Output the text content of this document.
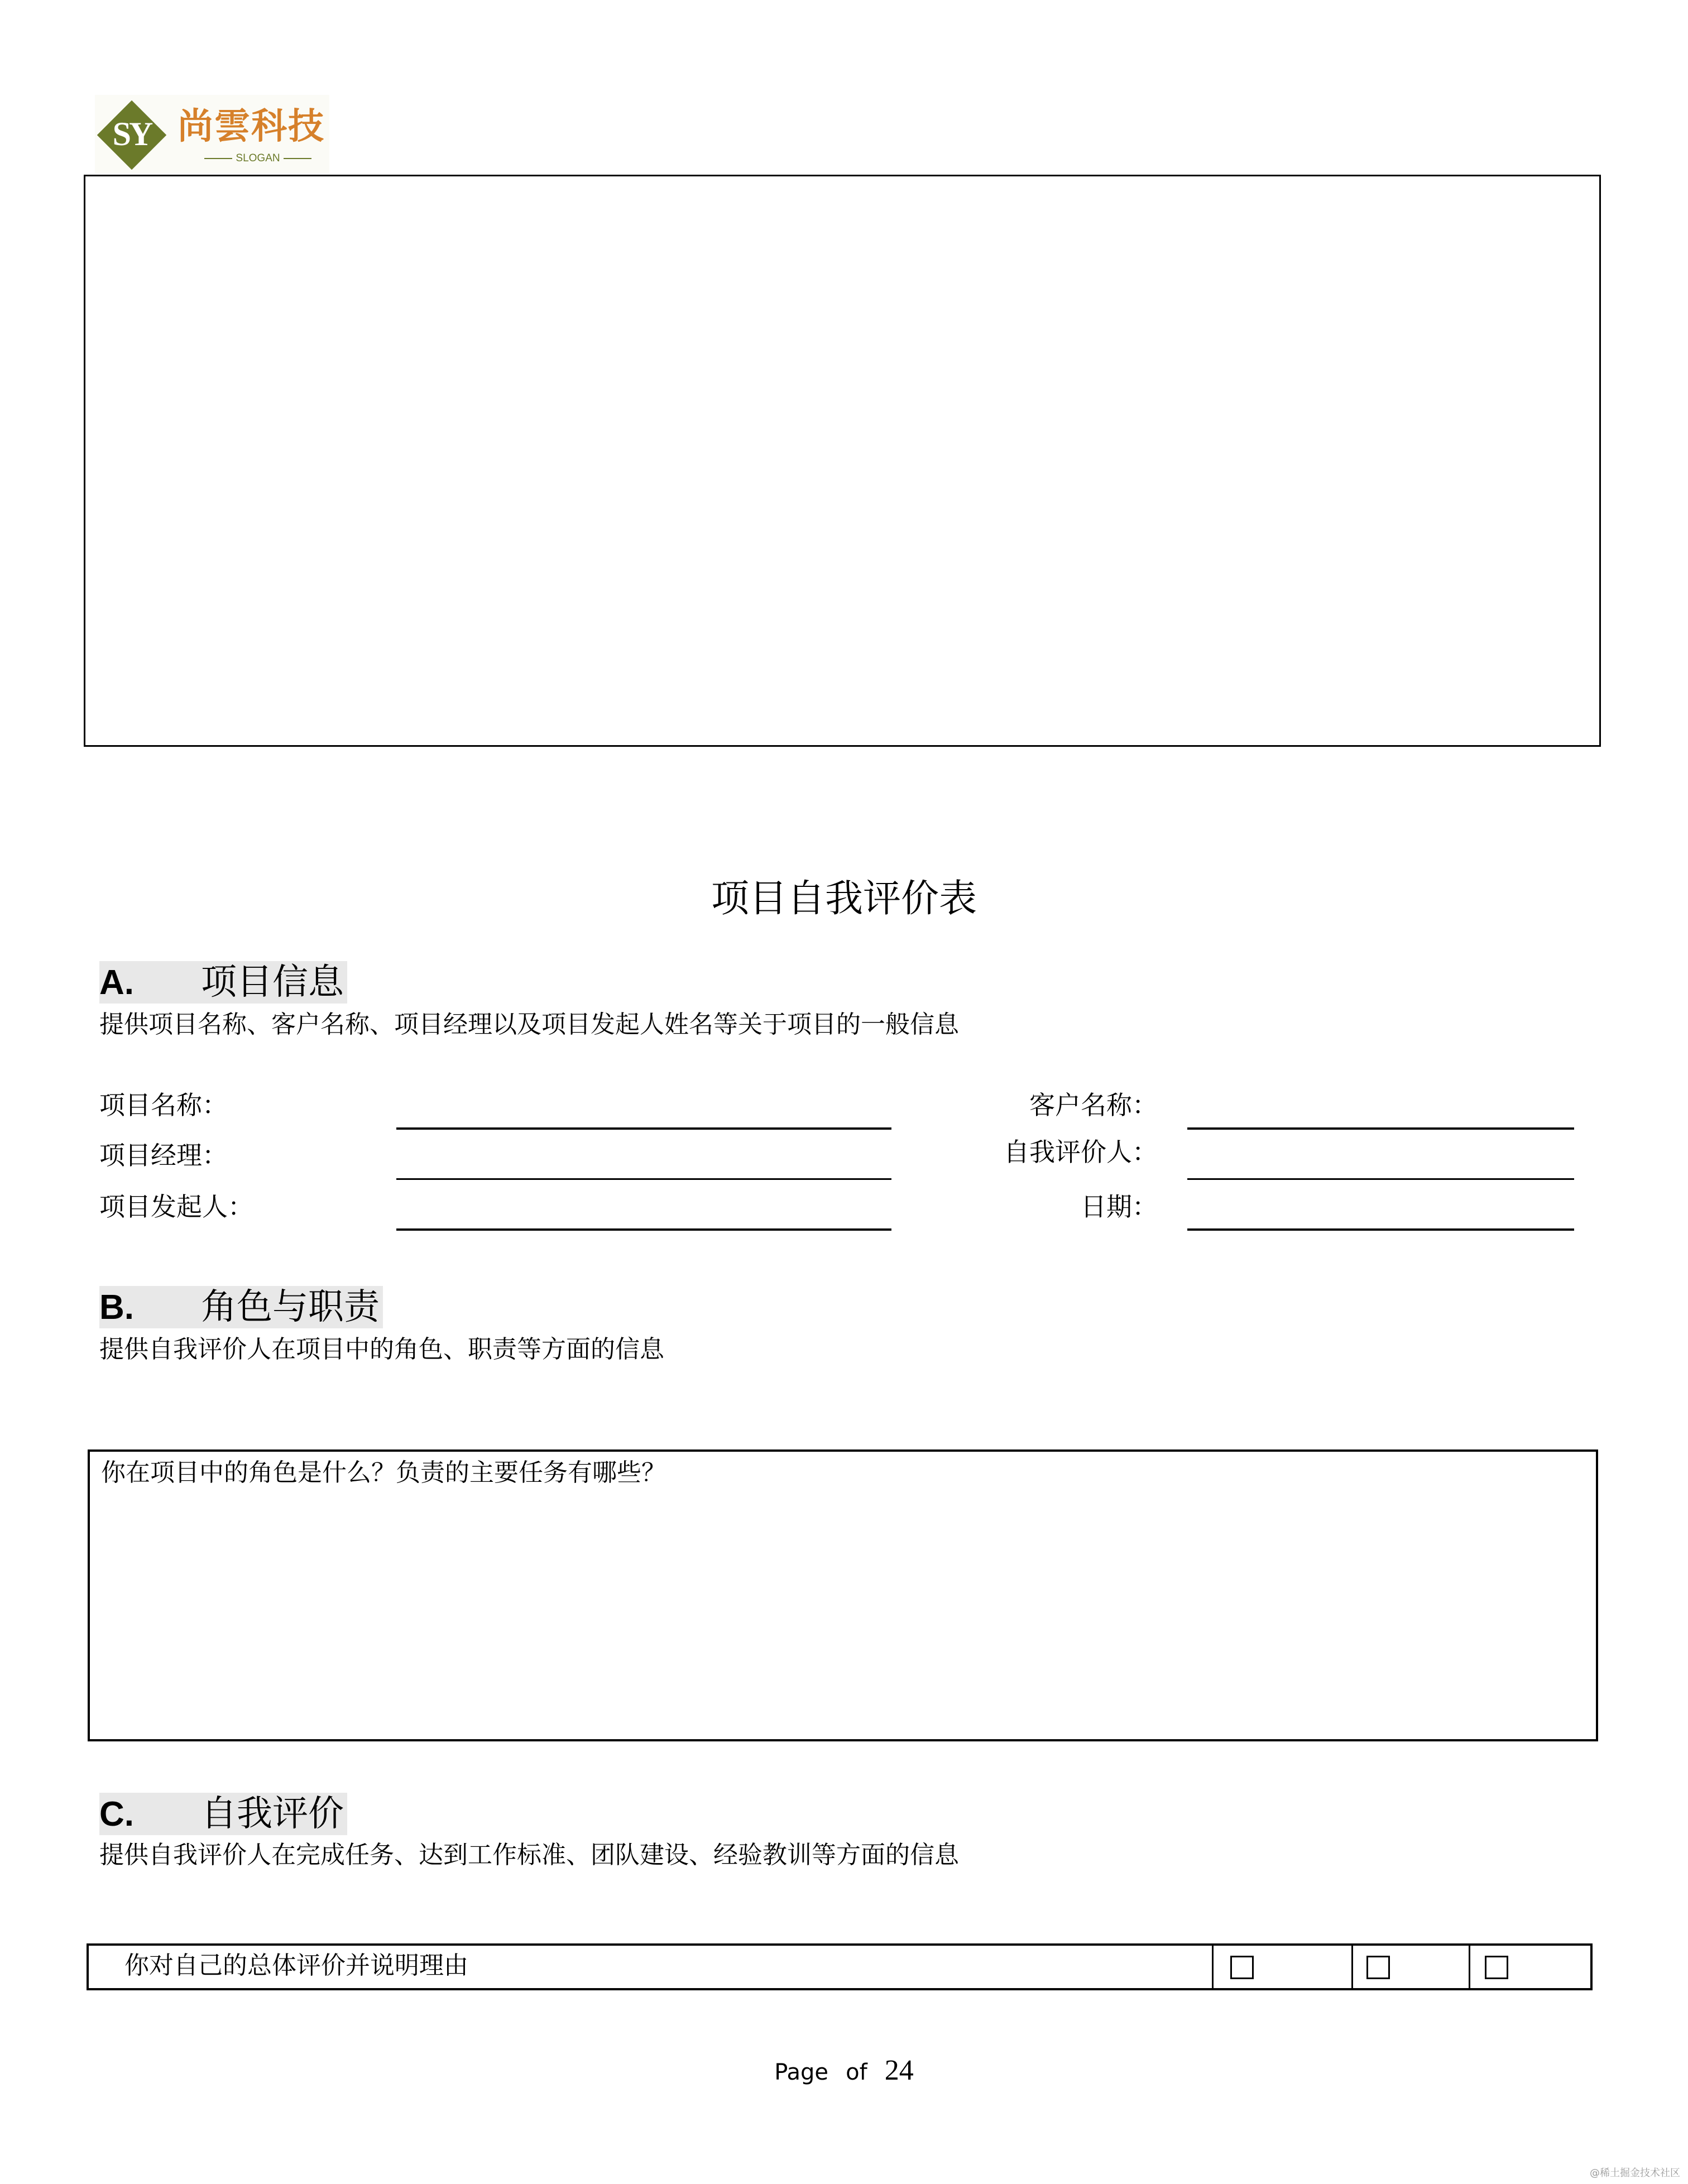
SY 尚雲科技
SLOGAN
项目自我评价表
A.	项目信息
提供项目名称、客户名称、项目经理以及项目发起人姓名等关于项目的一般信息
项目名称：
项目经理：
项目发起人：
客户名称：
自我评价人：
日期：
B.	角色与职责
提供自我评价人在项目中的角色、职责等方面的信息
你在项目中的角色是什么？负责的主要任务有哪些？
C.	自我评价
提供自我评价人在完成任务、达到工作标准、团队建设、经验教训等方面的信息
你对自己的总体评价并说明理由
Page of 24
@稀土掘金技术社区
